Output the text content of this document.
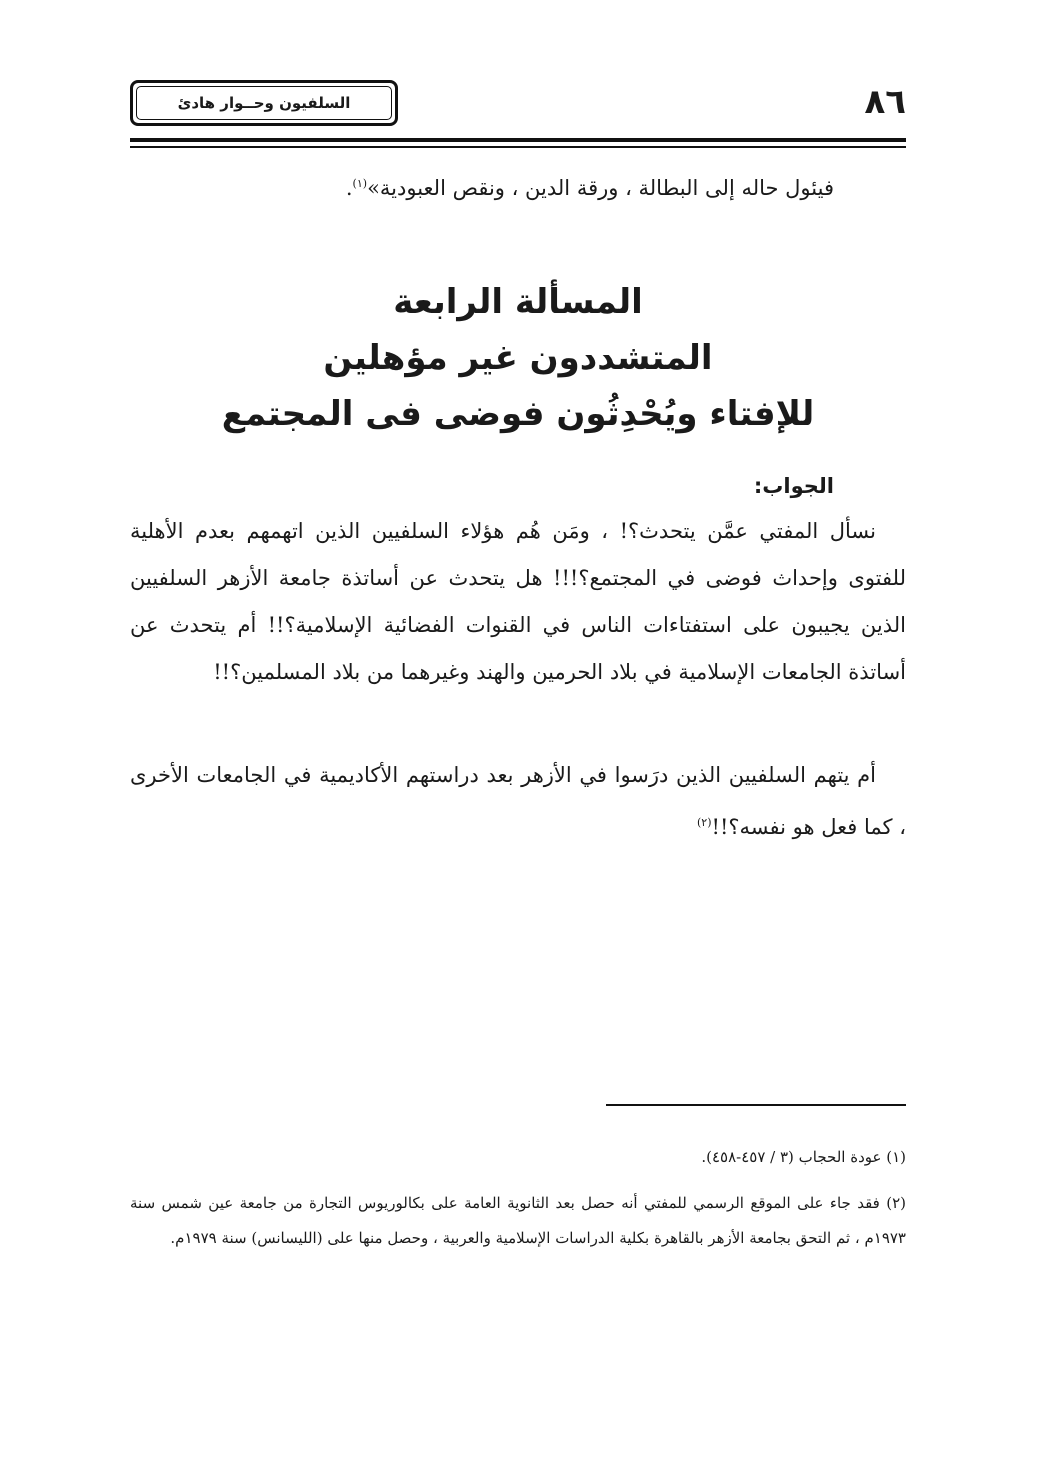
السلفيون وحــوار هادئ	٨٦
فيئول حاله إلى البطالة ، ورقة الدين ، ونقص العبودية»$^{(١)}$.
المسألة الرابعة
المتشددون غير مؤهلين
للإفتاء ويُحْدِثُون فوضى فى المجتمع
الجواب:
نسأل المفتي عمَّن يتحدث؟! ، ومَن هُم هؤلاء السلفيين الذين اتهمهم بعدم الأهلية للفتوى وإحداث فوضى في المجتمع؟!!! هل يتحدث عن أساتذة جامعة الأزهر السلفيين الذين يجيبون على استفتاءات الناس في القنوات الفضائية الإسلامية؟!! أم يتحدث عن أساتذة الجامعات الإسلامية في بلاد الحرمين والهند وغيرهما من بلاد المسلمين؟!!
أم يتهم السلفيين الذين درَسوا في الأزهر بعد دراستهم الأكاديمية في الجامعات الأخرى ، كما فعل هو نفسه؟!!$^{(٢)}$
(١) عودة الحجاب (٣ / ٤٥٧-٤٥٨).
(٢) فقد جاء على الموقع الرسمي للمفتي أنه حصل بعد الثانوية العامة على بكالوريوس التجارة من جامعة عين شمس سنة ١٩٧٣م ، ثم التحق بجامعة الأزهر بالقاهرة بكلية الدراسات الإسلامية والعربية ، وحصل منها على (الليسانس) سنة ١٩٧٩م.
